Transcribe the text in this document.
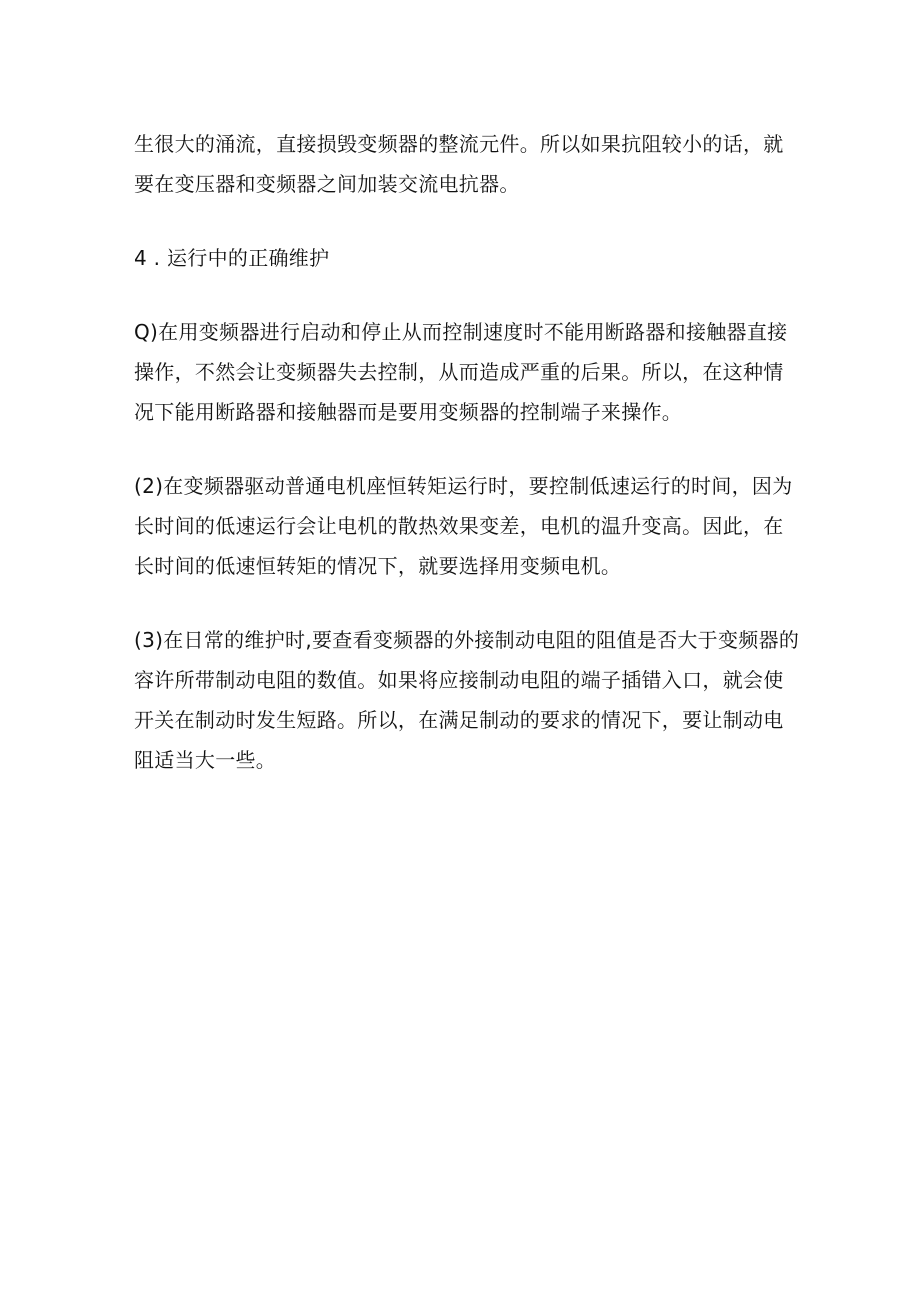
生很大的涌流，直接损毁变频器的整流元件。所以如果抗阻较小的话，就
要在变压器和变频器之间加装交流电抗器。

4 . 运行中的正确维护

Q)在用变频器进行启动和停止从而控制速度时不能用断路器和接触器直接
操作，不然会让变频器失去控制，从而造成严重的后果。所以，在这种情
况下能用断路器和接触器而是要用变频器的控制端子来操作。

(2)在变频器驱动普通电机座恒转矩运行时，要控制低速运行的时间，因为
长时间的低速运行会让电机的散热效果变差，电机的温升变高。因此，在
长时间的低速恒转矩的情况下，就要选择用变频电机。

(3)在日常的维护时,要查看变频器的外接制动电阻的阻值是否大于变频器的
容许所带制动电阻的数值。如果将应接制动电阻的端子插错入口，就会使
开关在制动时发生短路。所以，在满足制动的要求的情况下，要让制动电
阻适当大一些。
